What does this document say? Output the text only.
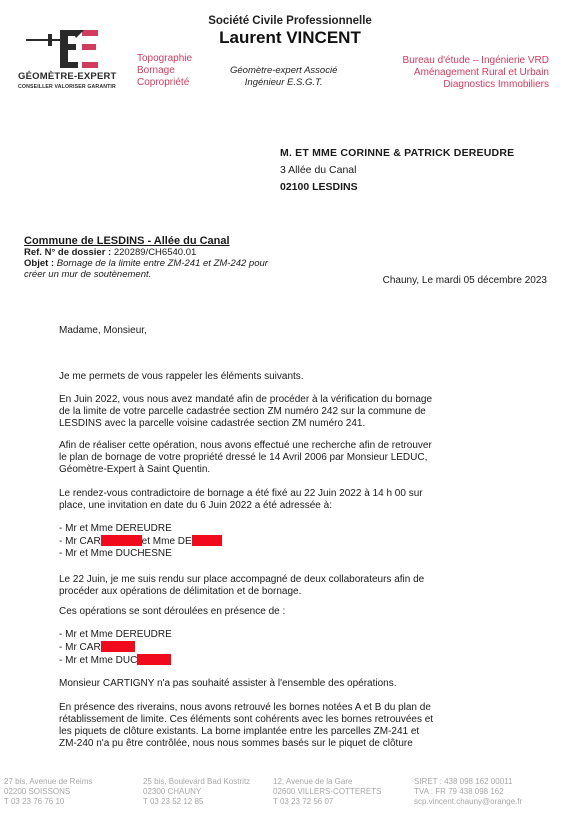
GÉOMÈTRE-EXPERT
CONSEILLER VALORISER GARANTIR
Société Civile Professionnelle
Laurent VINCENT
Topographie
Bornage
Copropriété
Géomètre-expert Associé
Ingénieur E.S.G.T.
Bureau d'étude – Ingénierie VRD
Aménagement Rural et Urbain
Diagnostics Immobiliers
M. ET MME CORINNE & PATRICK DEREUDRE
3 Allée du Canal
02100 LESDINS
Commune de LESDINS - Allée du Canal
Ref. N° de dossier : 220289/CH6540.01
Objet : Bornage de la limite entre ZM-241 et ZM-242 pour
créer un mur de soutènement.
Chauny, Le mardi 05 décembre 2023
Madame, Monsieur,
Je me permets de vous rappeler les éléments suivants.
En Juin 2022, vous nous avez mandaté afin de procéder à la vérification du bornage
de la limite de votre parcelle cadastrée section ZM numéro 242 sur la commune de
LESDINS avec la parcelle voisine cadastrée section ZM numéro 241.
Afin de réaliser cette opération, nous avons effectué une recherche afin de retrouver
le plan de bornage de votre propriété dressé le 14 Avril 2006 par Monsieur LEDUC,
Géomètre-Expert à Saint Quentin.
Le rendez-vous contradictoire de bornage a été fixé au 22 Juin 2022 à 14 h 00 sur
place, une invitation en date du 6 Juin 2022 a été adressée à:
- Mr et Mme DEREUDRE
- Mr CAR	et Mme DE
- Mr et Mme DUCHESNE
Le 22 Juin, je me suis rendu sur place accompagné de deux collaborateurs afin de
procéder aux opérations de délimitation et de bornage.
Ces opérations se sont déroulées en présence de :
- Mr et Mme DEREUDRE
- Mr CAR
- Mr et Mme DUC
Monsieur CARTIGNY n'a pas souhaité assister à l'ensemble des opérations.
En présence des riverains, nous avons retrouvé les bornes notées A et B du plan de
rétablissement de limite. Ces éléments sont cohérents avec les bornes retrouvées et
les piquets de clôture existants. La borne implantée entre les parcelles ZM-241 et
ZM-240 n'a pu être contrôlée, nous nous sommes basés sur le piquet de clôture
27 bis, Avenue de Reims
02200 SOISSONS
T 03 23 76 76 10
25 bis, Boulevard Bad Kostritz
02300 CHAUNY
T 03 23 52 12 85
12, Avenue de la Gare
02600 VILLERS-COTTERETS
T 03 23 72 56 07
SIRET : 438 098 162 00011
TVA : FR 79 438 098 162
scp.vincent.chauny@orange.fr
